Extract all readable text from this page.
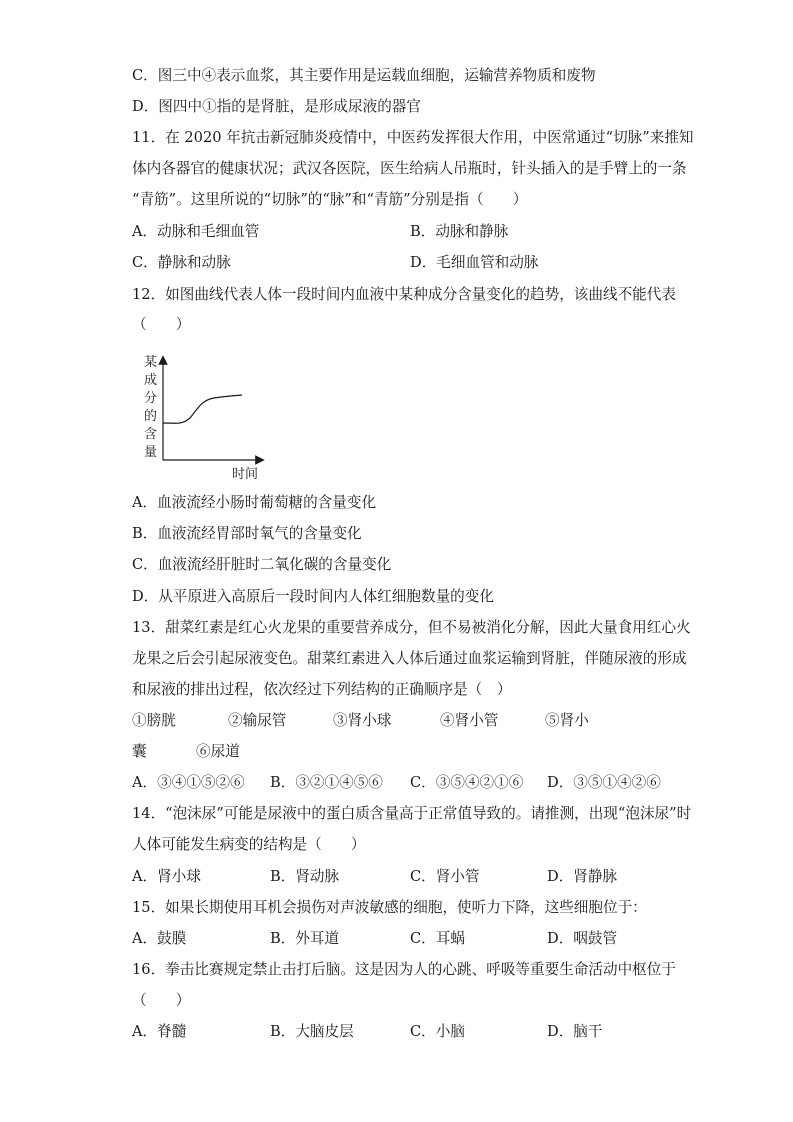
C．图三中④表示血浆，其主要作用是运载血细胞，运输营养物质和废物
D．图四中①指的是肾脏，是形成尿液的器官
11．在 2020 年抗击新冠肺炎疫情中，中医药发挥很大作用，中医常通过“切脉”来推知
体内各器官的健康状况；武汉各医院，医生给病人吊瓶时，针头插入的是手臂上的一条
“青筋”。这里所说的“切脉”的“脉”和“青筋”分别是指（　　）
A．动脉和毛细血管	B．动脉和静脉
C．静脉和动脉	D．毛细血管和动脉
12．如图曲线代表人体一段时间内血液中某种成分含量变化的趋势，该曲线不能代表
（　　）
某
成
分
的
含
量
时间
A．血液流经小肠时葡萄糖的含量变化
B．血液流经胃部时氧气的含量变化
C．血液流经肝脏时二氧化碳的含量变化
D．从平原进入高原后一段时间内人体红细胞数量的变化
13．甜菜红素是红心火龙果的重要营养成分，但不易被消化分解，因此大量食用红心火
龙果之后会引起尿液变色。甜菜红素进入人体后通过血浆运输到肾脏，伴随尿液的形成
和尿液的排出过程，依次经过下列结构的正确顺序是（　）
①膀胱	②输尿管	③肾小球	④肾小管	⑤肾小
囊	⑥尿道
A．③④①⑤②⑥ B．③②①④⑤⑥ C．③⑤④②①⑥ D．③⑤①④②⑥
14．“泡沫尿”可能是尿液中的蛋白质含量高于正常值导致的。请推测，出现“泡沫尿”时
人体可能发生病变的结构是（　　）
A．肾小球	B．肾动脉	C．肾小管	D．肾静脉
15．如果长期使用耳机会损伤对声波敏感的细胞，使听力下降，这些细胞位于：
A．鼓膜	B．外耳道	C．耳蜗	D．咽鼓管
16．拳击比赛规定禁止击打后脑。这是因为人的心跳、呼吸等重要生命活动中枢位于
（　　）
A．脊髓	B．大脑皮层	C．小脑	D．脑干
